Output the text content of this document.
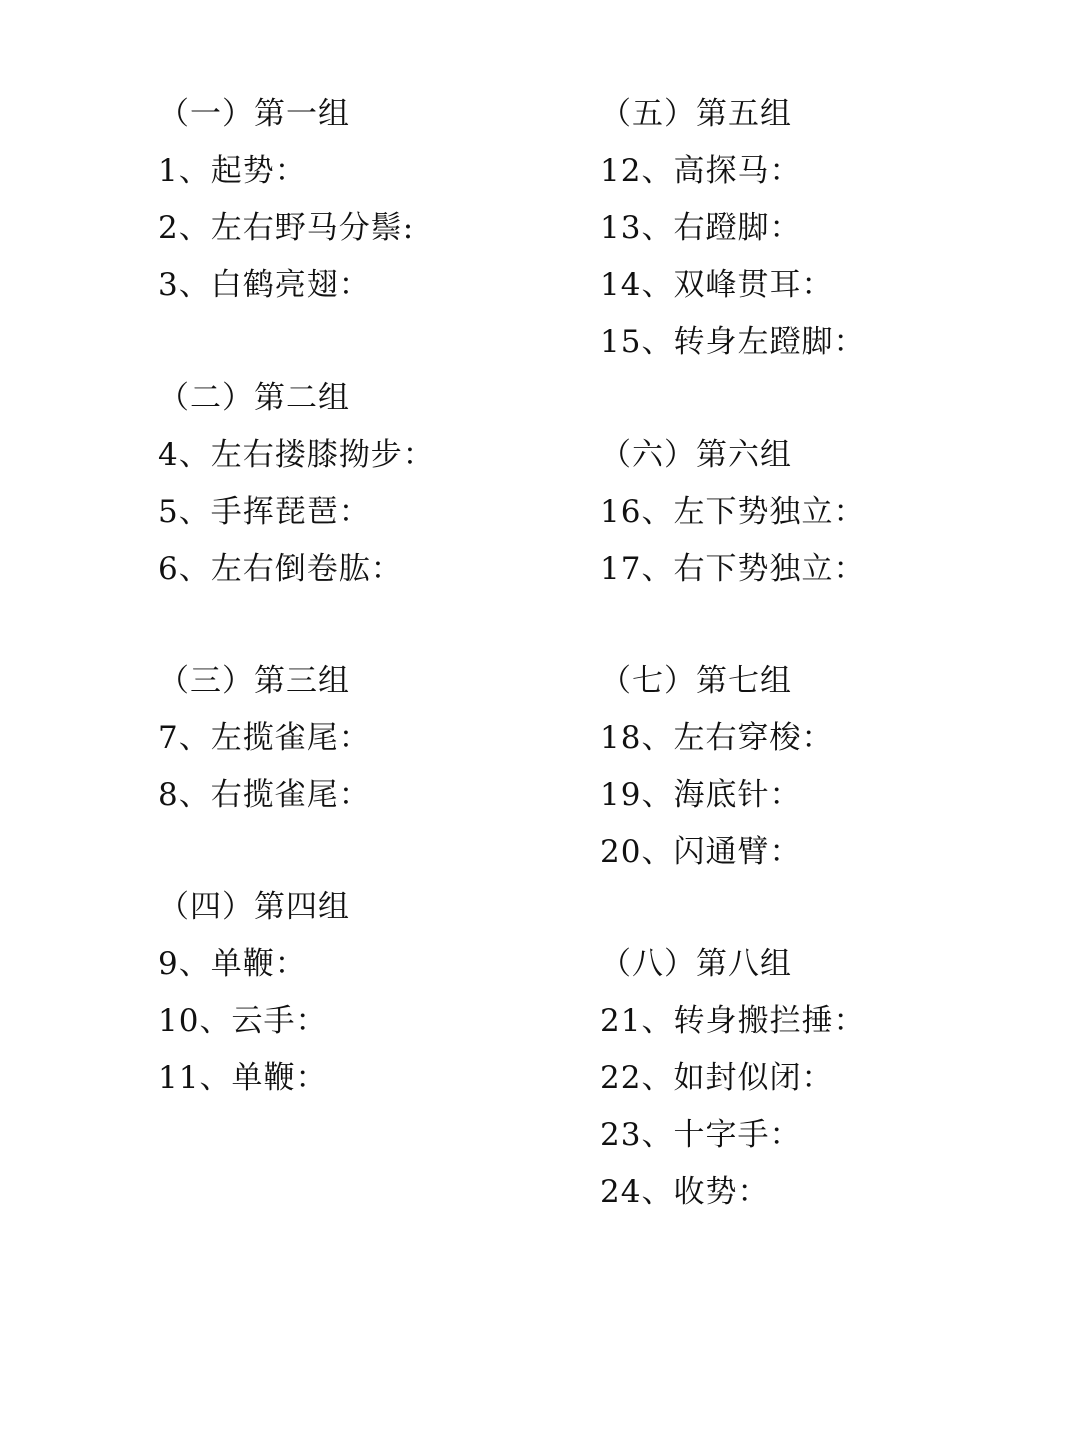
（一）第一组
1、起势：
2、左右野马分鬃:
3、白鹤亮翅：
（二）第二组
4、左右搂膝拗步：
5、手挥琵琶：
6、左右倒卷肱：
（三）第三组
7、左揽雀尾：
8、右揽雀尾：
（四）第四组
9、单鞭：
10、云手：
11、单鞭：
（五）第五组
12、高探马：
13、右蹬脚：
14、双峰贯耳：
15、转身左蹬脚：
（六）第六组
16、左下势独立：
17、右下势独立：
（七）第七组
18、左右穿梭：
19、海底针：
20、闪通臂：
（八）第八组
21、转身搬拦捶：
22、如封似闭：
23、十字手：
24、收势：
